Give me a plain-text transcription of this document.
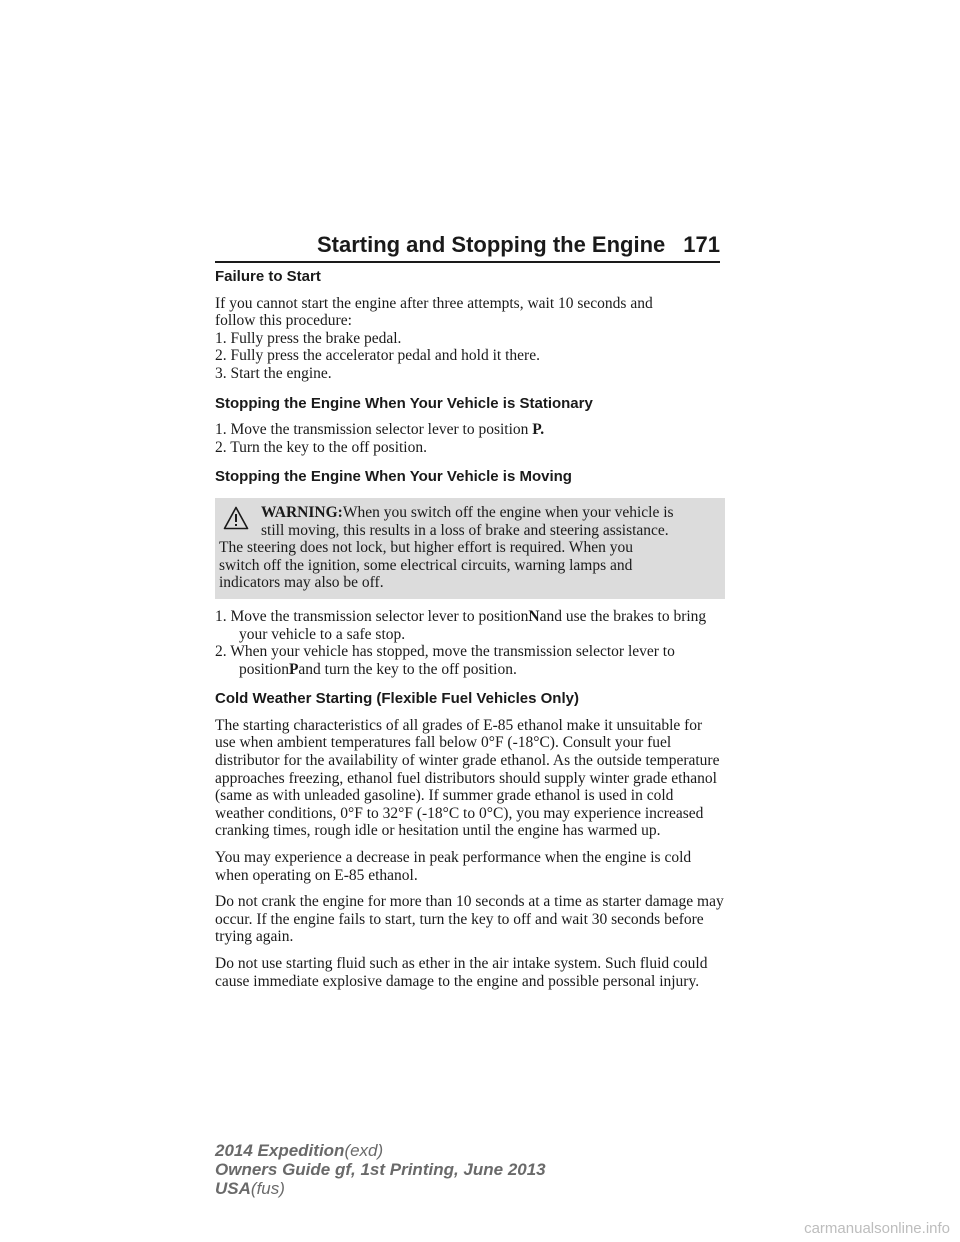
Starting and Stopping the Engine 171

Failure to Start

If you cannot start the engine after three attempts, wait 10 seconds and

follow this procedure:

1. Fully press the brake pedal.

2. Fully press the accelerator pedal and hold it there.

3. Start the engine.

Stopping the Engine When Your Vehicle is Stationary

1. Move the transmission selector lever to position P.

2. Turn the key to the off position.

Stopping the Engine When Your Vehicle is Moving

WARNING:When you switch off the engine when your vehicle is

still moving, this results in a loss of brake and steering assistance.

The steering does not lock, but higher effort is required. When you

switch off the ignition, some electrical circuits, warning lamps and

indicators may also be off.

1. Move the transmission selector lever to positionNand use the brakes to bring your vehicle to a safe stop.

2. When your vehicle has stopped, move the transmission selector lever to positionPand turn the key to the off position.

Cold Weather Starting (Flexible Fuel Vehicles Only)

The starting characteristics of all grades of E-85 ethanol make it unsuitable for use when ambient temperatures fall below 0°F (-18°C). Consult your fuel distributor for the availability of winter grade ethanol. As the outside temperature approaches freezing, ethanol fuel distributors should supply winter grade ethanol (same as with unleaded gasoline). If summer grade ethanol is used in cold weather conditions, 0°F to 32°F (-18°C to 0°C), you may experience increased cranking times, rough idle or hesitation until the engine has warmed up.

You may experience a decrease in peak performance when the engine is cold when operating on E-85 ethanol.

Do not crank the engine for more than 10 seconds at a time as starter damage may occur. If the engine fails to start, turn the key to off and wait 30 seconds before trying again.

Do not use starting fluid such as ether in the air intake system. Such fluid could cause immediate explosive damage to the engine and possible personal injury.

2014 Expedition(exd)
Owners Guide gf, 1st Printing, June 2013
USA(fus)
carmanualsonline.info
